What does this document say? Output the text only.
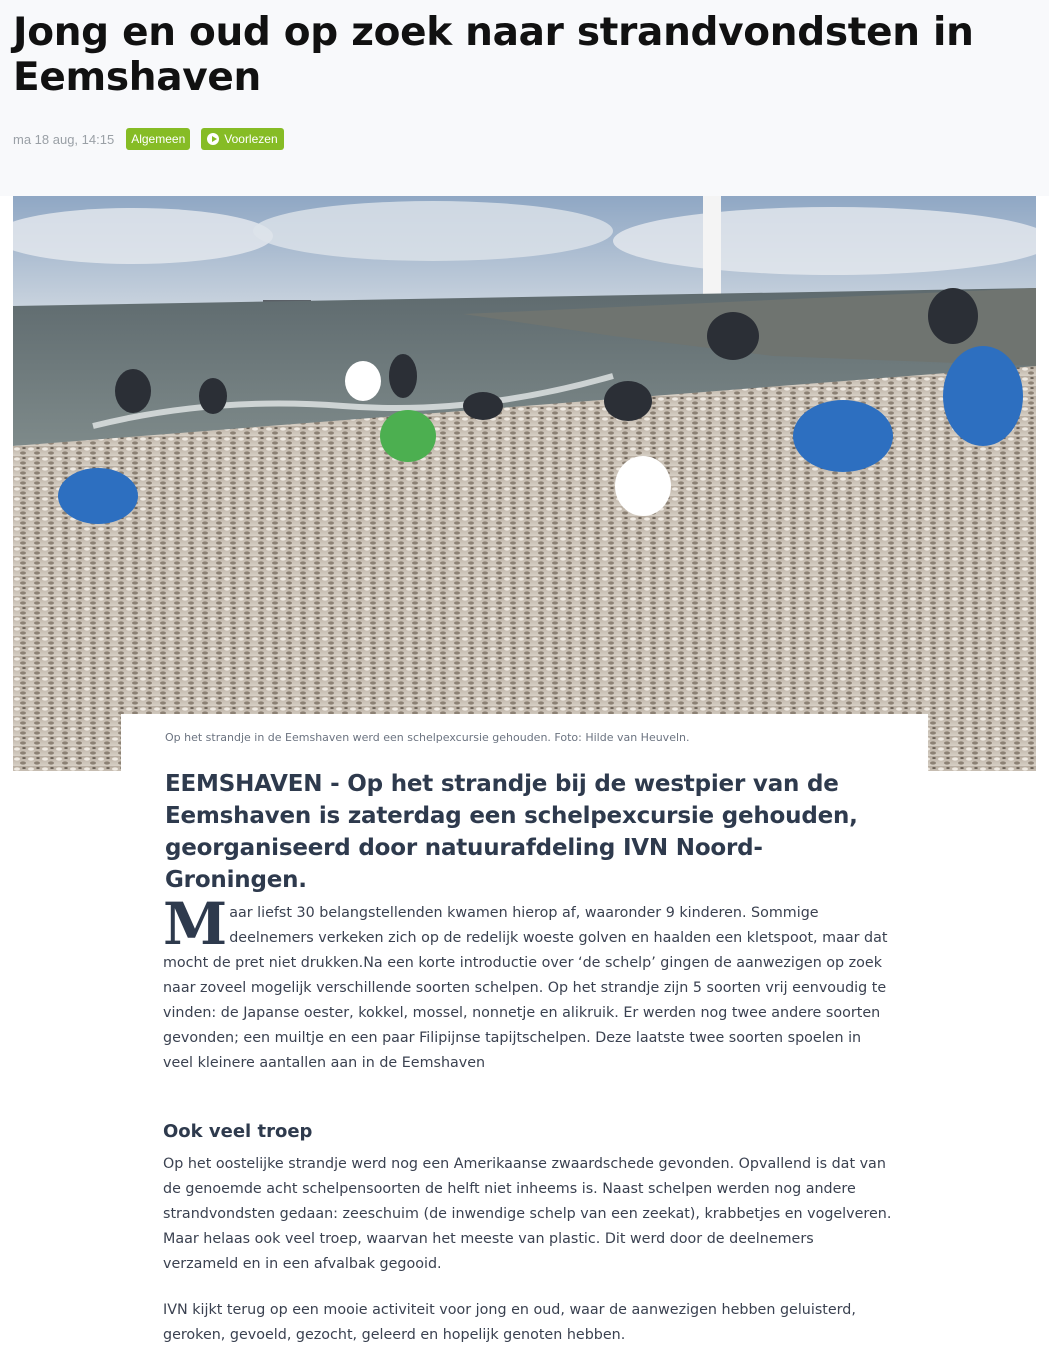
Jong en oud op zoek naar strandvondsten in Eemshaven
ma 18 aug, 14:15	Algemeen	Voorlezen
Op het strandje in de Eemshaven werd een schelpexcursie gehouden. Foto: Hilde van Heuveln.

EEMSHAVEN - Op het strandje bij de westpier van de Eemshaven is zaterdag een schelpexcursie gehouden, georganiseerd door natuurafdeling IVN Noord-Groningen.

Maar liefst 30 belangstellenden kwamen hierop af, waaronder 9 kinderen. Sommige deelnemers verkeken zich op de redelijk woeste golven en haalden een kletspoot, maar dat mocht de pret niet drukken.Na een korte introductie over ‘de schelp’ gingen de aanwezigen op zoek naar zoveel mogelijk verschillende soorten schelpen. Op het strandje zijn 5 soorten vrij eenvoudig te vinden: de Japanse oester, kokkel, mossel, nonnetje en alikruik. Er werden nog twee andere soorten gevonden; een muiltje en een paar Filipijnse tapijtschelpen. Deze laatste twee soorten spoelen in veel kleinere aantallen aan in de Eemshaven

Ook veel troep

Op het oostelijke strandje werd nog een Amerikaanse zwaardschede gevonden. Opvallend is dat van de genoemde acht schelpensoorten de helft niet inheems is. Naast schelpen werden nog andere strandvondsten gedaan: zeeschuim (de inwendige schelp van een zeekat), krabbetjes en vogelveren. Maar helaas ook veel troep, waarvan het meeste van plastic. Dit werd door de deelnemers verzameld en in een afvalbak gegooid.

IVN kijkt terug op een mooie activiteit voor jong en oud, waar de aanwezigen hebben geluisterd, geroken, gevoeld, gezocht, geleerd en hopelijk genoten hebben.
